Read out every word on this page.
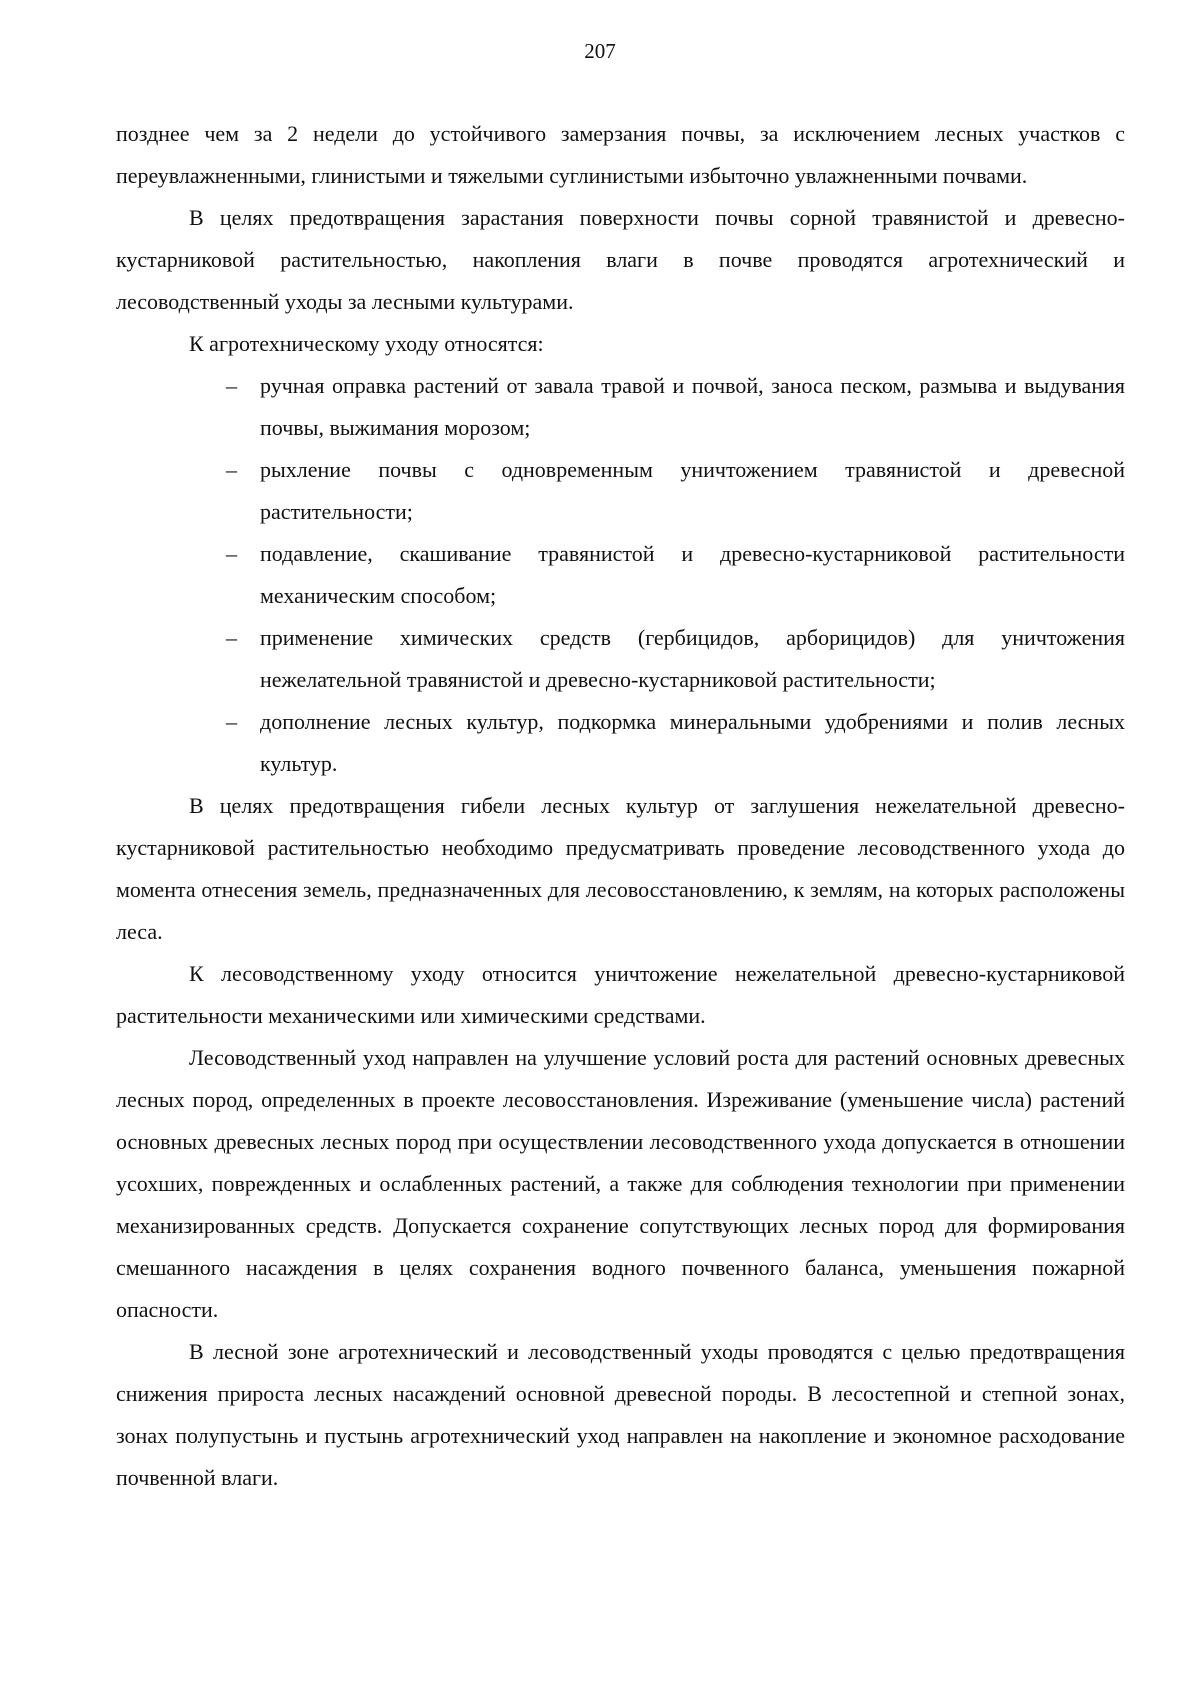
207

позднее чем за 2 недели до устойчивого замерзания почвы, за исключением лесных участков с переувлажненными, глинистыми и тяжелыми суглинистыми избыточно увлажненными почвами.

В целях предотвращения зарастания поверхности почвы сорной травянистой и древесно-кустарниковой растительностью, накопления влаги в почве проводятся агротехнический и лесоводственный уходы за лесными культурами.

К агротехническому уходу относятся:

– ручная оправка растений от завала травой и почвой, заноса песком, размыва и выдувания почвы, выжимания морозом;
– рыхление почвы с одновременным уничтожением травянистой и древесной растительности;
– подавление, скашивание травянистой и древесно-кустарниковой растительности механическим способом;
– применение химических средств (гербицидов, арборицидов) для уничтожения нежелательной травянистой и древесно-кустарниковой растительности;
– дополнение лесных культур, подкормка минеральными удобрениями и полив лесных культур.

В целях предотвращения гибели лесных культур от заглушения нежелательной древесно-кустарниковой растительностью необходимо предусматривать проведение лесоводственного ухода до момента отнесения земель, предназначенных для лесовосстановлению, к землям, на которых расположены леса.

К лесоводственному уходу относится уничтожение нежелательной древесно-кустарниковой растительности механическими или химическими средствами.

Лесоводственный уход направлен на улучшение условий роста для растений основных древесных лесных пород, определенных в проекте лесовосстановления. Изреживание (уменьшение числа) растений основных древесных лесных пород при осуществлении лесоводственного ухода допускается в отношении усохших, поврежденных и ослабленных растений, а также для соблюдения технологии при применении механизированных средств. Допускается сохранение сопутствующих лесных пород для формирования смешанного насаждения в целях сохранения водного почвенного баланса, уменьшения пожарной опасности.

В лесной зоне агротехнический и лесоводственный уходы проводятся с целью предотвращения снижения прироста лесных насаждений основной древесной породы. В лесостепной и степной зонах, зонах полупустынь и пустынь агротехнический уход направлен на накопление и экономное расходование почвенной влаги.
